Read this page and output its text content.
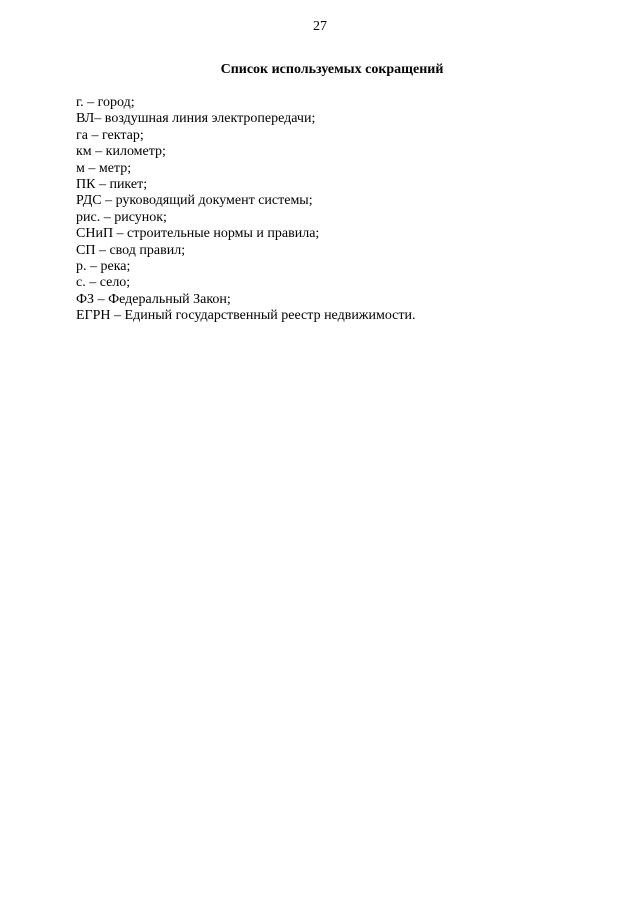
27
Список используемых сокращений
г. – город;
ВЛ– воздушная линия электропередачи;
га – гектар;
км – километр;
м – метр;
ПК – пикет;
РДС – руководящий документ системы;
рис. – рисунок;
СНиП – строительные нормы и правила;
СП – свод правил;
р. – река;
с. – село;
ФЗ – Федеральный Закон;
ЕГРН – Единый государственный реестр недвижимости.
